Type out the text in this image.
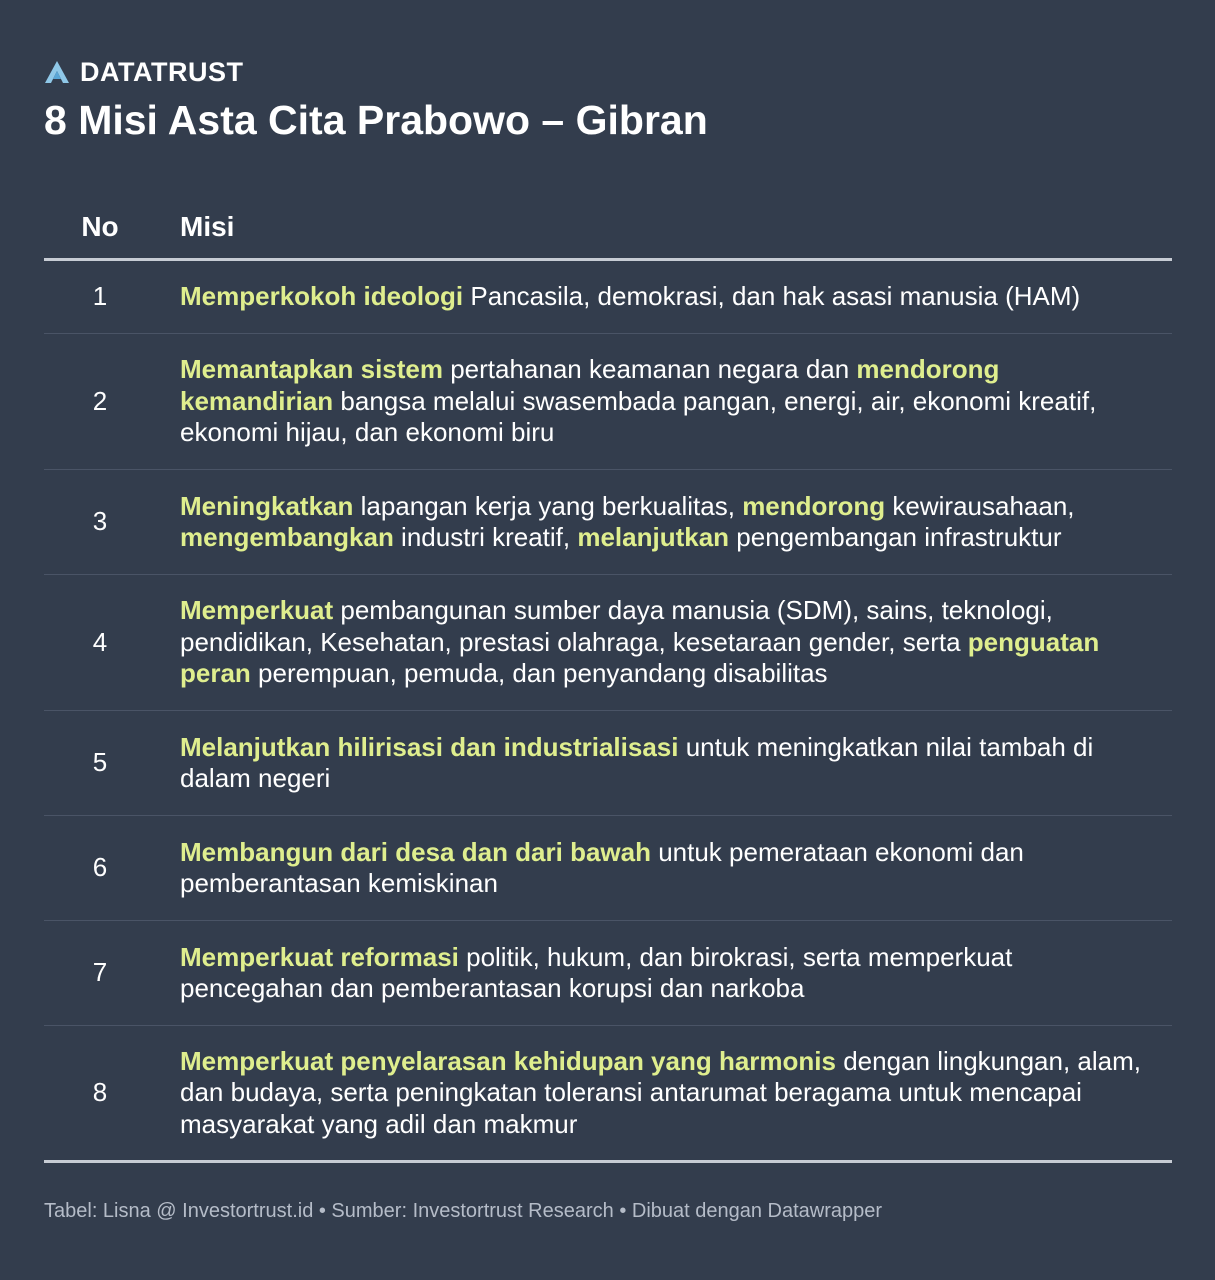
DATATRUST
8 Misi Asta Cita Prabowo – Gibran
No	Misi
1	Memperkokoh ideologi Pancasila, demokrasi, dan hak asasi manusia (HAM)
2
Memantapkan sistem pertahanan keamanan negara dan mendorong kemandirian bangsa melalui swasembada pangan, energi, air, ekonomi kreatif, ekonomi hijau, dan ekonomi biru
3
Meningkatkan lapangan kerja yang berkualitas, mendorong kewirausahaan, mengembangkan industri kreatif, melanjutkan pengembangan infrastruktur
4
Memperkuat pembangunan sumber daya manusia (SDM), sains, teknologi, pendidikan, Kesehatan, prestasi olahraga, kesetaraan gender, serta penguatan peran perempuan, pemuda, dan penyandang disabilitas
5
Melanjutkan hilirisasi dan industrialisasi untuk meningkatkan nilai tambah di dalam negeri
6
Membangun dari desa dan dari bawah untuk pemerataan ekonomi dan pemberantasan kemiskinan
7
Memperkuat reformasi politik, hukum, dan birokrasi, serta memperkuat pencegahan dan pemberantasan korupsi dan narkoba
8
Memperkuat penyelarasan kehidupan yang harmonis dengan lingkungan, alam, dan budaya, serta peningkatan toleransi antarumat beragama untuk mencapai masyarakat yang adil dan makmur
Tabel: Lisna @ Investortrust.id • Sumber: Investortrust Research • Dibuat dengan Datawrapper
